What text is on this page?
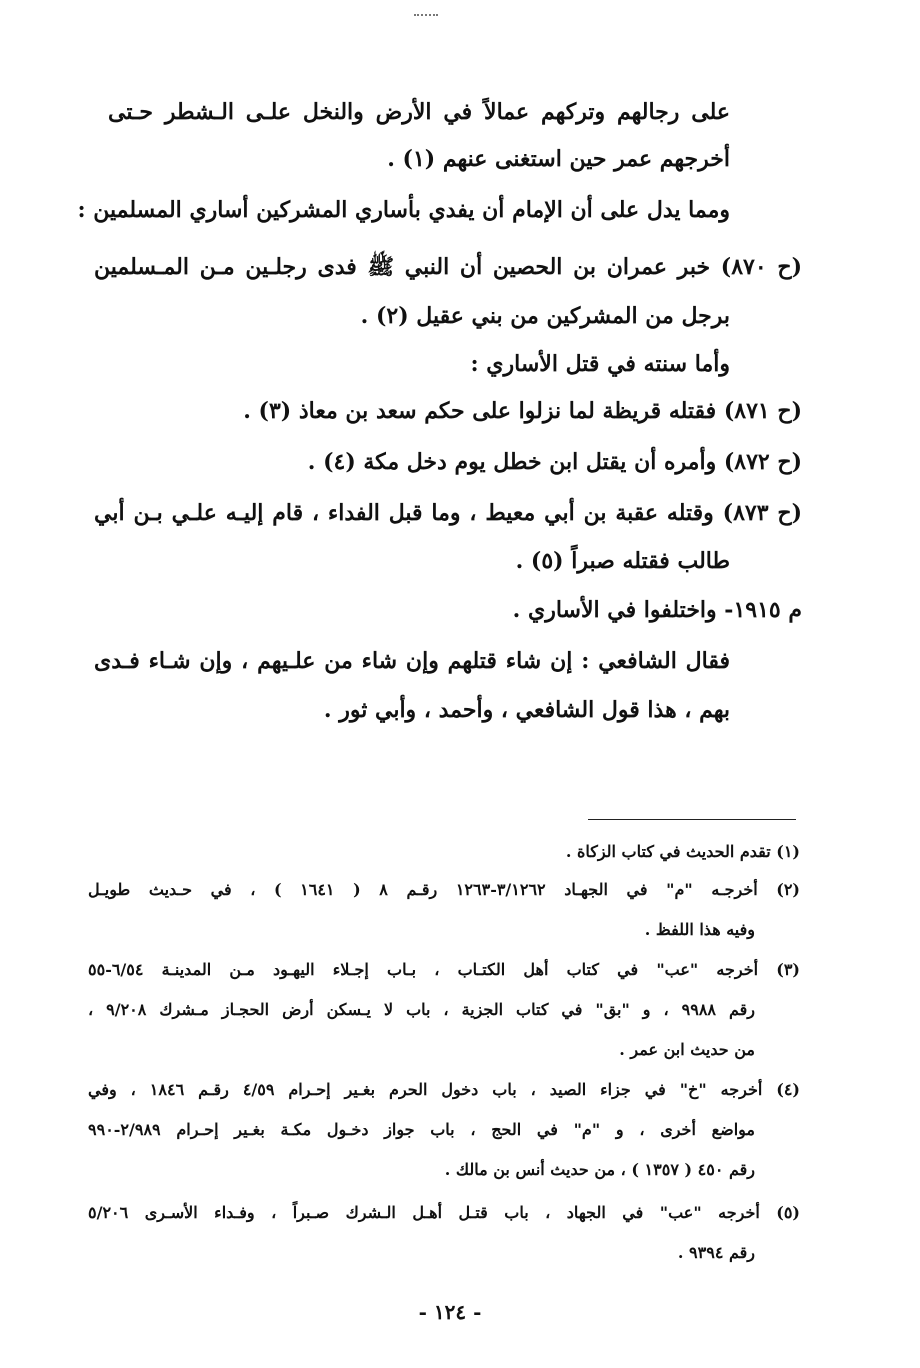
على رجالهم وتركهم عمالاً في الأرض والنخل علـى الـشطر حـتى
أخرجهم عمر حين استغنى عنهم (١) .
ومما يدل على أن الإمام أن يفدي بأساري المشركين أساري المسلمين :
(ح ٨٧٠) خبر عمران بن الحصين أن النبي ﷺ فدى رجلـين مـن المـسلمين
برجل من المشركين من بني عقيل (٢) .
وأما سنته في قتل الأساري :
(ح ٨٧١) فقتله قريظة لما نزلوا على حكم سعد بن معاذ (٣) .
(ح ٨٧٢) وأمره أن يقتل ابن خطل يوم دخل مكة (٤) .
(ح ٨٧٣) وقتله عقبة بن أبي معيط ، وما قبل الفداء ، قام إليـه علـي بـن أبي
طالب فقتله صبراً (٥) .
م ١٩١٥- واختلفوا في الأساري .
فقال الشافعي : إن شاء قتلهم وإن شاء من علـيهم ، وإن شـاء فـدى
بهم ، هذا قول الشافعي ، وأحمد ، وأبي ثور .
(١) تقدم الحديث في كتاب الزكاة .
(٢) أخرجـه "م" في الجهـاد ٣/١٢٦٢-١٢٦٣ رقـم ٨ ( ١٦٤١ ) ، في حـديث طويـل
وفيه هذا اللفظ .
(٣) أخرجه "عب" في كتاب أهل الكتـاب ، بـاب إجـلاء اليهـود مـن المدينـة ٦/٥٤-٥٥
رقم ٩٩٨٨ ، و "بق" في كتاب الجزية ، باب لا يـسكن أرض الحجـاز مـشرك ٩/٢٠٨ ،
من حديث ابن عمر .
(٤) أخرجه "خ" في جزاء الصيد ، باب دخول الحرم بغـير إحـرام ٤/٥٩ رقـم ١٨٤٦ ، وفي
مواضع أخرى ، و "م" في الحج ، باب جواز دخـول مكـة بغـير إحـرام ٢/٩٨٩-٩٩٠
رقم ٤٥٠ ( ١٣٥٧ ) ، من حديث أنس بن مالك .
(٥) أخرجه "عب" في الجهاد ، باب قتـل أهـل الـشرك صـبراً ، وفـداء الأسـرى ٥/٢٠٦
رقم ٩٣٩٤ .
- ١٢٤ -
